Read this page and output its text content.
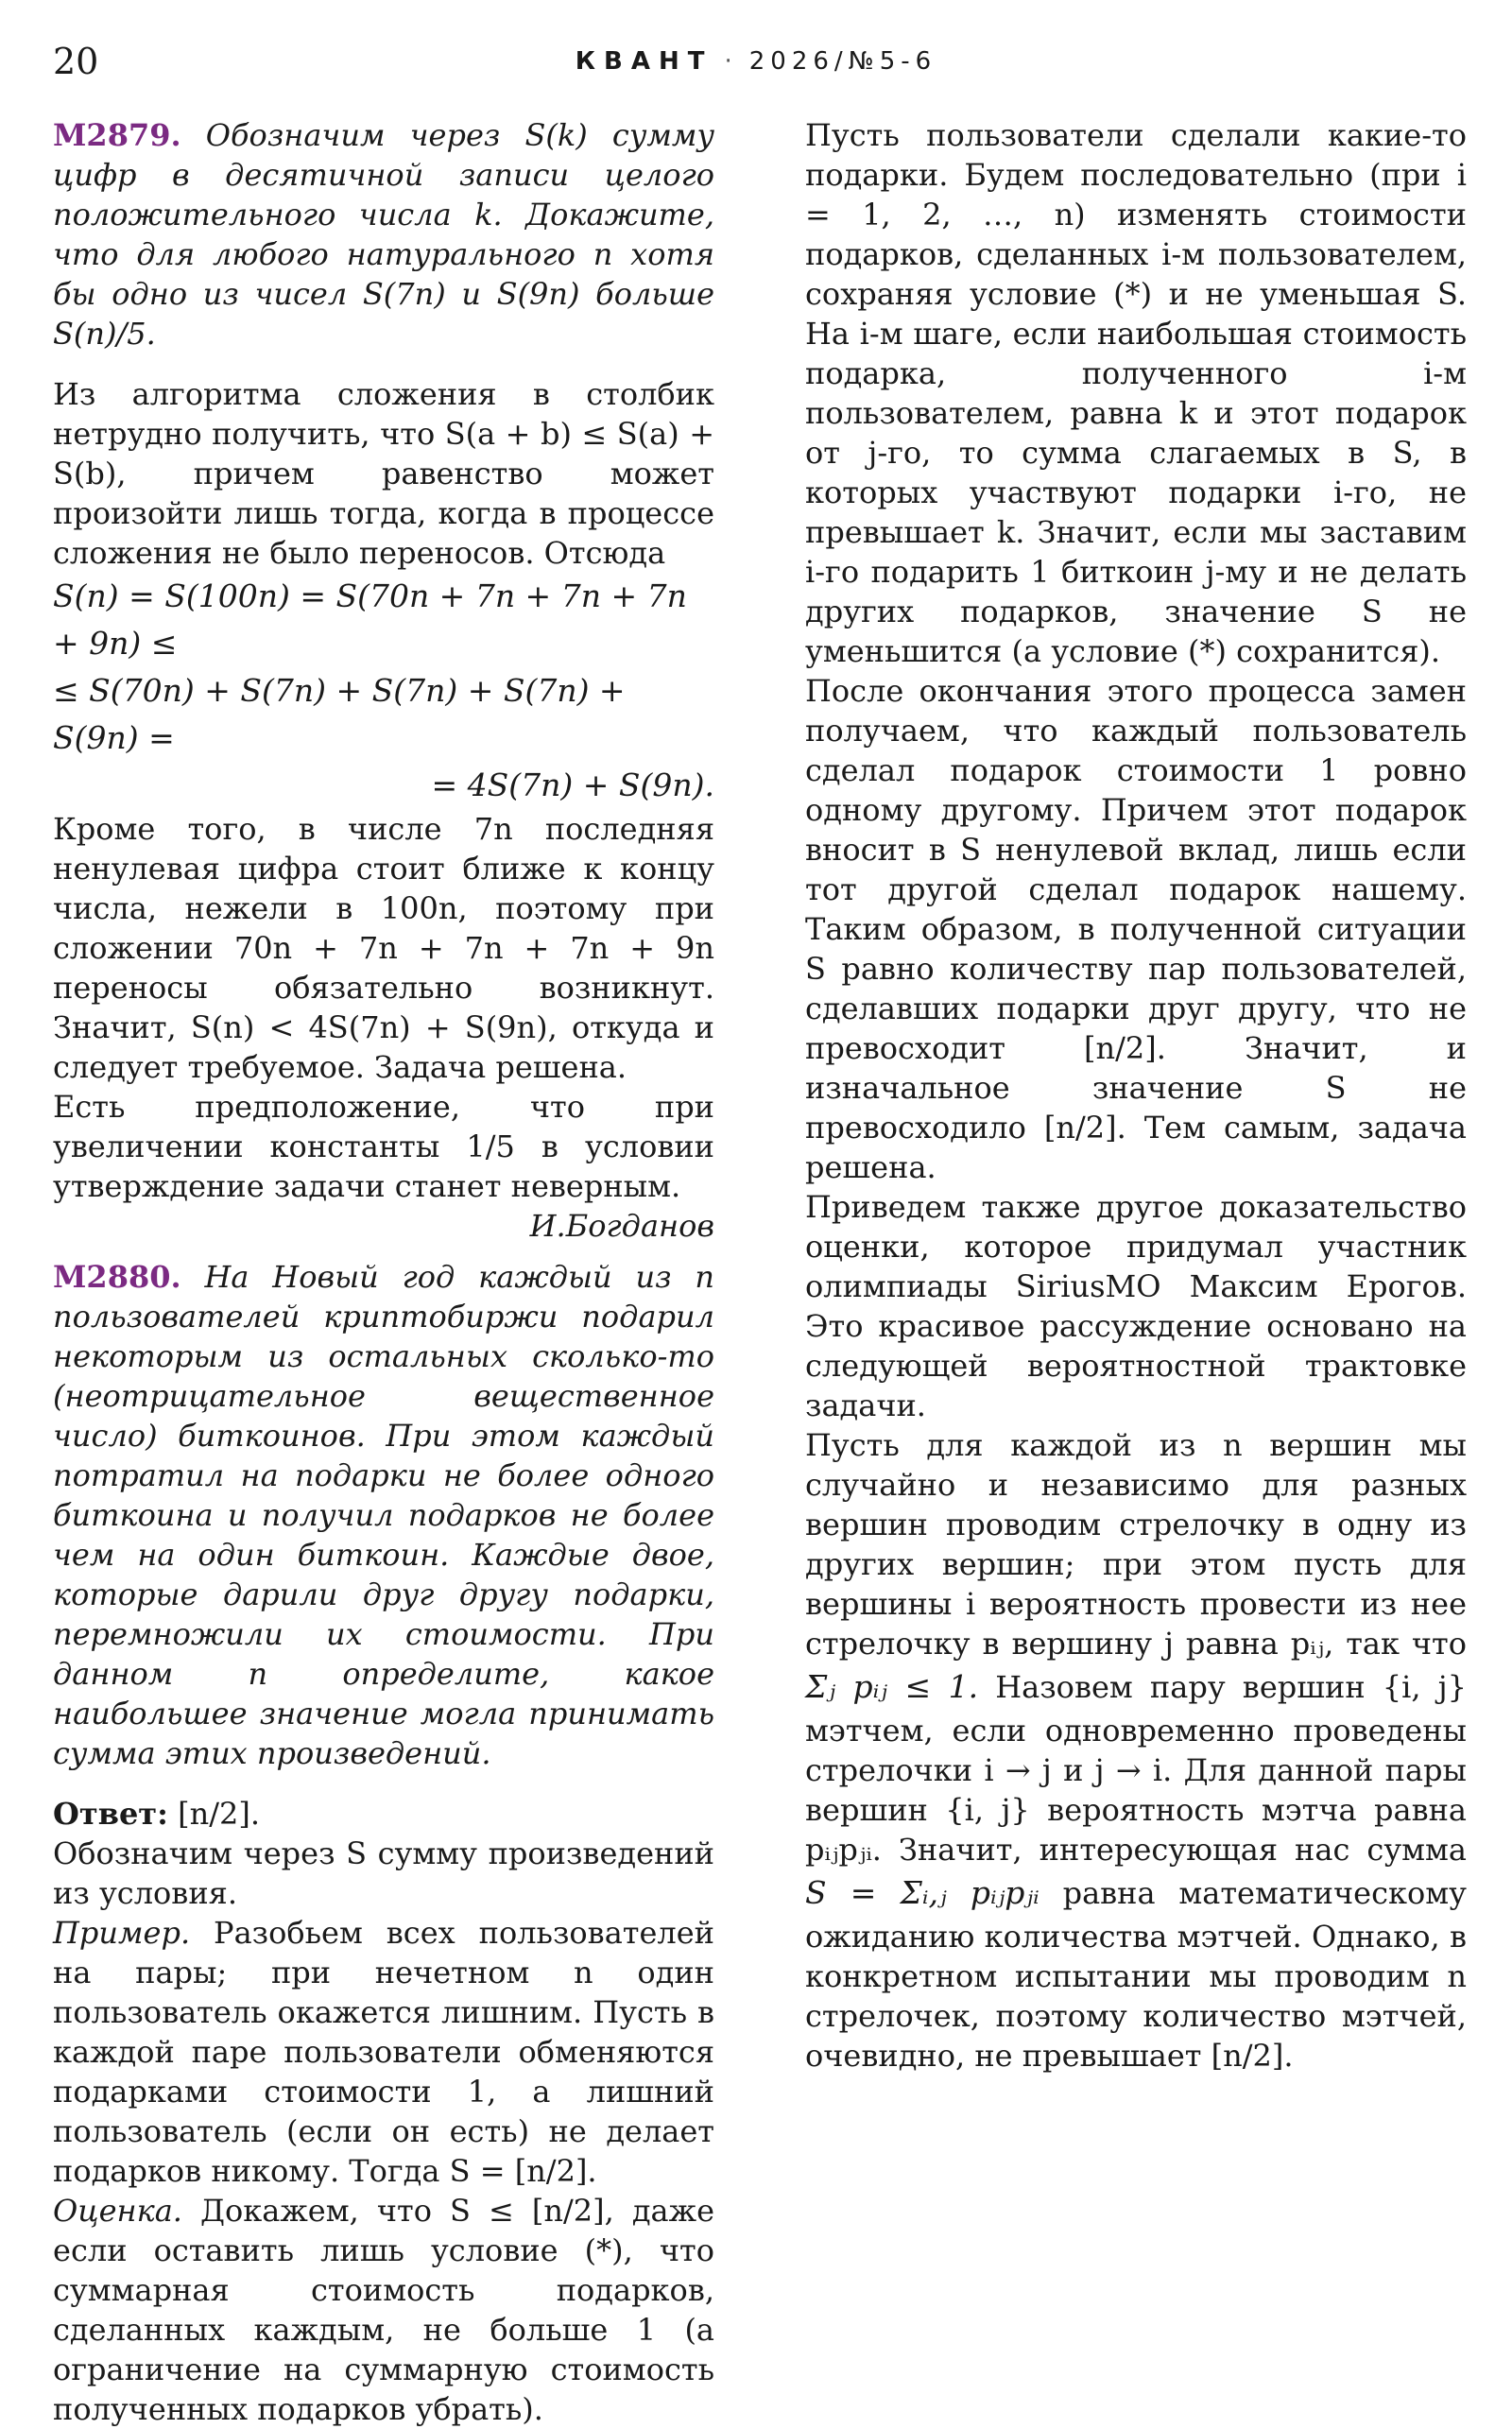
20	КВАНТ · 2026/№5-6

M2879. Обозначим через S(k) сумму цифр в десятичной записи целого положительного числа k. Докажите, что для любого натурального n хотя бы одно из чисел S(7n) и S(9n) больше S(n)/5.

Из алгоритма сложения в столбик нетрудно получить, что S(a + b) ≤ S(a) + S(b), причем равенство может произойти лишь тогда, когда в процессе сложения не было переносов. Отсюда

S(n) = S(100n) = S(70n + 7n + 7n + 7n + 9n) ≤
≤ S(70n) + S(7n) + S(7n) + S(7n) + S(9n) =
= 4S(7n) + S(9n).

Кроме того, в числе 7n последняя ненулевая цифра стоит ближе к концу числа, нежели в 100n, поэтому при сложении 70n + 7n + 7n + 7n + 9n переносы обязательно возникнут. Значит, S(n) < 4S(7n) + S(9n), откуда и следует требуемое. Задача решена.

Есть предположение, что при увеличении константы 1/5 в условии утверждение задачи станет неверным.

И.Богданов

M2880. На Новый год каждый из n пользователей криптобиржи подарил некоторым из остальных сколько-то (неотрицательное вещественное число) биткоинов. При этом каждый потратил на подарки не более одного биткоина и получил подарков не более чем на один биткоин. Каждые двое, которые дарили друг другу подарки, перемножили их стоимости. При данном n определите, какое наибольшее значение могла принимать сумма этих произведений.

Ответ: [n/2].

Обозначим через S сумму произведений из условия.

Пример. Разобьем всех пользователей на пары; при нечетном n один пользователь окажется лишним. Пусть в каждой паре пользователи обменяются подарками стоимости 1, а лишний пользователь (если он есть) не делает подарков никому. Тогда S = [n/2].

Оценка. Докажем, что S ≤ [n/2], даже если оставить лишь условие (*), что суммарная стоимость подарков, сделанных каждым, не больше 1 (а ограничение на суммарную стоимость полученных подарков убрать).

Пусть пользователи сделали какие-то подарки. Будем последовательно (при i = 1, 2, …, n) изменять стоимости подарков, сделанных i-м пользователем, сохраняя условие (*) и не уменьшая S. На i-м шаге, если наибольшая стоимость подарка, полученного i-м пользователем, равна k и этот подарок от j-го, то сумма слагаемых в S, в которых участвуют подарки i-го, не превышает k. Значит, если мы заставим i-го подарить 1 биткоин j-му и не делать других подарков, значение S не уменьшится (а условие (*) сохранится).

После окончания этого процесса замен получаем, что каждый пользователь сделал подарок стоимости 1 ровно одному другому. Причем этот подарок вносит в S ненулевой вклад, лишь если тот другой сделал подарок нашему. Таким образом, в полученной ситуации S равно количеству пар пользователей, сделавших подарки друг другу, что не превосходит [n/2]. Значит, и изначальное значение S не превосходило [n/2]. Тем самым, задача решена.

Приведем также другое доказательство оценки, которое придумал участник олимпиады SiriusMO Максим Ерогов. Это красивое рассуждение основано на следующей вероятностной трактовке задачи.

Пусть для каждой из n вершин мы случайно и независимо для разных вершин проводим стрелочку в одну из других вершин; при этом пусть для вершины i вероятность провести из нее стрелочку в вершину j равна pᵢⱼ, так что Σⱼ pᵢⱼ ≤ 1. Назовем пару вершин {i, j} мэтчем, если одновременно проведены стрелочки i → j и j → i. Для данной пары вершин {i, j} вероятность мэтча равна pᵢⱼpⱼᵢ. Значит, интересующая нас сумма S = Σᵢ,ⱼ pᵢⱼpⱼᵢ равна математическому ожиданию количества мэтчей. Однако, в конкретном испытании мы проводим n стрелочек, поэтому количество мэтчей, очевидно, не превышает [n/2].
